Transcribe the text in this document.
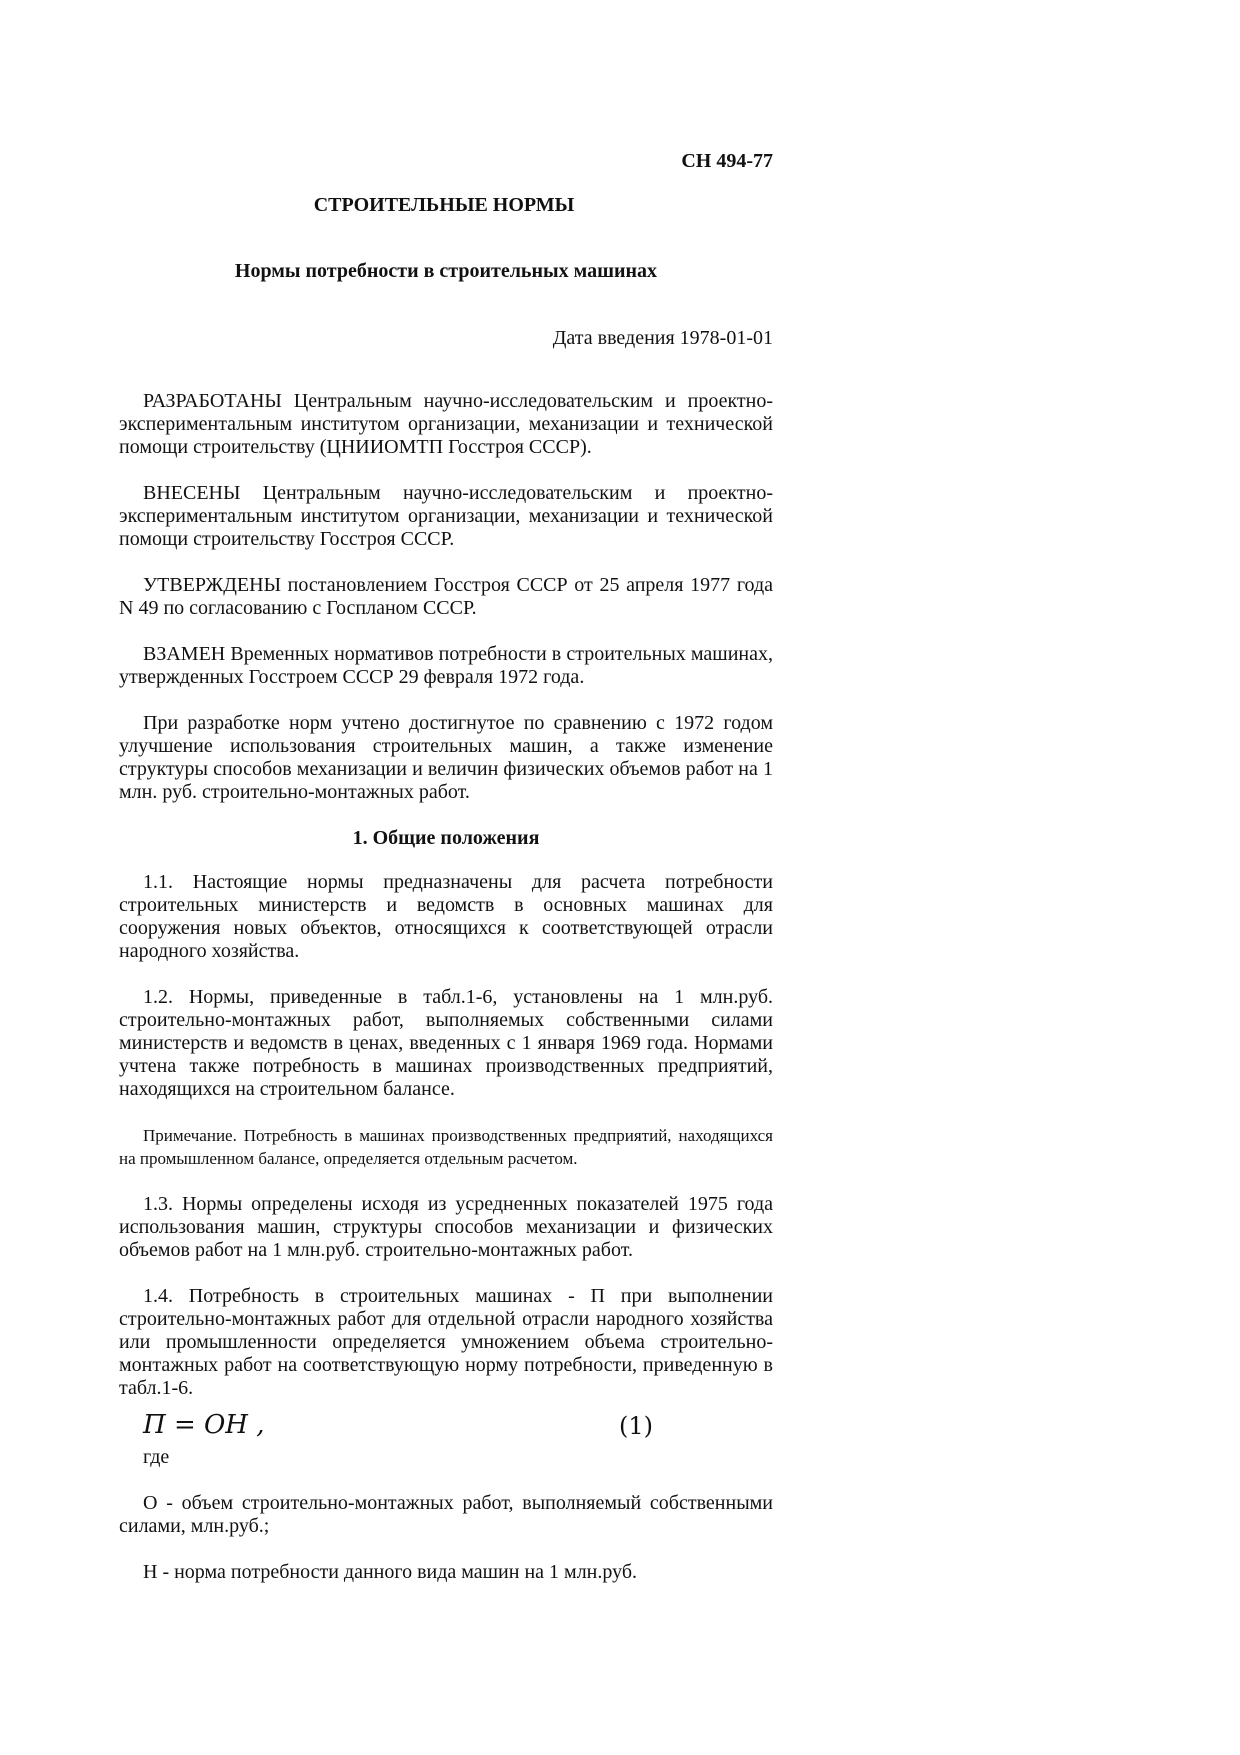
СН 494-77
СТРОИТЕЛЬНЫЕ НОРМЫ
Нормы потребности в строительных машинах
Дата введения 1978-01-01

РАЗРАБОТАНЫ Центральным научно-исследовательским и проектно-экспериментальным институтом организации, механизации и технической помощи строительству (ЦНИИОМТП Госстроя СССР).

ВНЕСЕНЫ Центральным научно-исследовательским и проектно-экспериментальным институтом организации, механизации и технической помощи строительству Госстроя СССР.

УТВЕРЖДЕНЫ постановлением Госстроя СССР от 25 апреля 1977 года N 49 по согласованию с Госпланом СССР.

ВЗАМЕН Временных нормативов потребности в строительных машинах, утвержденных Госстроем СССР 29 февраля 1972 года.

При разработке норм учтено достигнутое по сравнению с 1972 годом улучшение использования строительных машин, а также изменение структуры способов механизации и величин физических объемов работ на 1 млн. руб. строительно-монтажных работ.

1. Общие положения

1.1. Настоящие нормы предназначены для расчета потребности строительных министерств и ведомств в основных машинах для сооружения новых объектов, относящихся к соответствующей отрасли народного хозяйства.

1.2. Нормы, приведенные в табл.1-6, установлены на 1 млн.руб. строительно-монтажных работ, выполняемых собственными силами министерств и ведомств в ценах, введенных с 1 января 1969 года. Нормами учтена также потребность в машинах производственных предприятий, находящихся на строительном балансе.

Примечание. Потребность в машинах производственных предприятий, находящихся на промышленном балансе, определяется отдельным расчетом.

1.3. Нормы определены исходя из усредненных показателей 1975 года использования машин, структуры способов механизации и физических объемов работ на 1 млн.руб. строительно-монтажных работ.

1.4. Потребность в строительных машинах - П при выполнении строительно-монтажных работ для отдельной отрасли народного хозяйства или промышленности определяется умножением объема строительно-монтажных работ на соответствующую норму потребности, приведенную в табл.1-6.

П = ОН ,	(1)
где

О - объем строительно-монтажных работ, выполняемый собственными силами, млн.руб.;

Н - норма потребности данного вида машин на 1 млн.руб.
